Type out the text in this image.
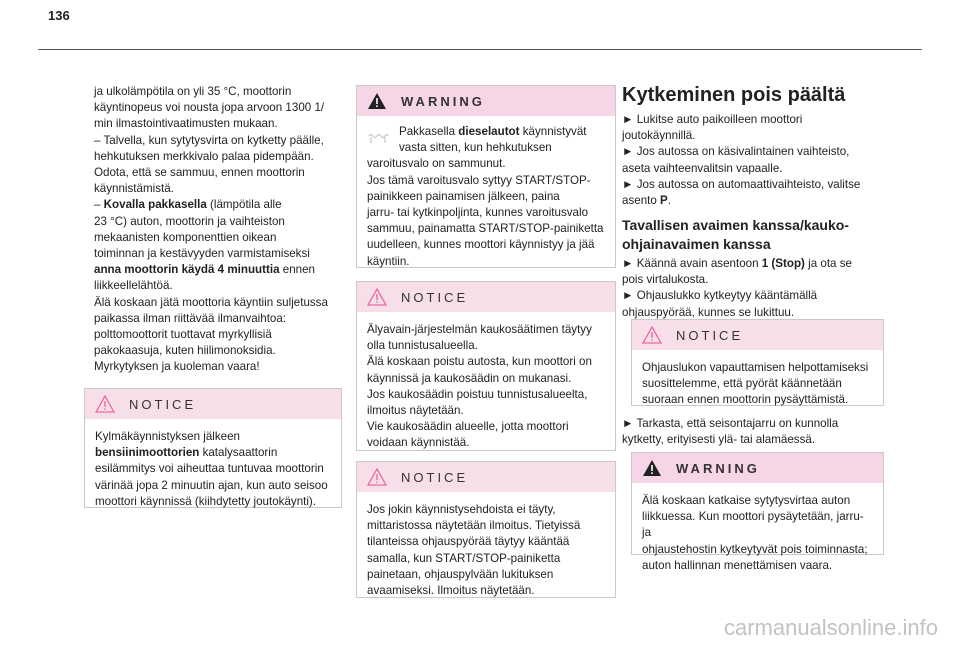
136

ja ulkolämpötila on yli 35 °C, moottorin

käyntinopeus voi nousta jopa arvoon 1300 1/

min ilmastointivaatimusten mukaan.

– Talvella, kun sytytysvirta on kytketty päälle,

hehkutuksen merkkivalo palaa pidempään.

Odota, että se sammuu, ennen moottorin

käynnistämistä.

– Kovalla pakkasella (lämpötila alle

23 °C) auton, moottorin ja vaihteiston

mekaanisten komponenttien oikean

toiminnan ja kestävyyden varmistamiseksi

anna moottorin käydä 4 minuuttia ennen

liikkeellelähtöä.

Älä koskaan jätä moottoria käyntiin suljetussa

paikassa ilman riittävää ilmanvaihtoa:

polttomoottorit tuottavat myrkyllisiä

pakokaasuja, kuten hiilimonoksidia.

Myrkytyksen ja kuoleman vaara!

NOTICE
Kylmäkäynnistyksen jälkeen
bensiinimoottorien katalysaattorin
esilämmitys voi aiheuttaa tuntuvaa moottorin
värinää jopa 2 minuutin ajan, kun auto seisoo
moottori käynnissä (kiihdytetty joutokäynti).
WARNING
Pakkasella dieselautot käynnistyvät
vasta sitten, kun hehkutuksen
varoitusvalo on sammunut.
Jos tämä varoitusvalo syttyy START/STOP-
painikkeen painamisen jälkeen, paina
jarru- tai kytkinpoljinta, kunnes varoitusvalo
sammuu, painamatta START/STOP-painiketta
uudelleen, kunnes moottori käynnistyy ja jää
käyntiin.
NOTICE
Älyavain-järjestelmän kaukosäätimen täytyy
olla tunnistusalueella.
Älä koskaan poistu autosta, kun moottori on
käynnissä ja kaukosäädin on mukanasi.
Jos kaukosäädin poistuu tunnistusalueelta,
ilmoitus näytetään.
Vie kaukosäädin alueelle, jotta moottori
voidaan käynnistää.
NOTICE
Jos jokin käynnistysehdoista ei täyty,
mittaristossa näytetään ilmoitus. Tietyissä
tilanteissa ohjauspyörää täytyy kääntää
samalla, kun START/STOP-painiketta
painetaan, ohjauspylvään lukituksen
avaamiseksi. Ilmoitus näytetään.
Kytkeminen pois päältä

► Lukitse auto paikoilleen moottori

joutokäynnillä.

► Jos autossa on käsivalintainen vaihteisto,

aseta vaihteenvalitsin vapaalle.

► Jos autossa on automaattivaihteisto, valitse

asento P.

Tavallisen avaimen kanssa/kauko-
ohjainavaimen kanssa

► Käännä avain asentoon 1 (Stop) ja ota se

pois virtalukosta.

► Ohjauslukko kytkeytyy kääntämällä

ohjauspyörää, kunnes se lukittuu.

NOTICE
Ohjauslukon vapauttamisen helpottamiseksi
suosittelemme, että pyörät käännetään
suoraan ennen moottorin pysäyttämistä.

► Tarkasta, että seisontajarru on kunnolla

kytketty, erityisesti ylä- tai alamäessä.

WARNING
Älä koskaan katkaise sytytysvirtaa auton
liikkuessa. Kun moottori pysäytetään, jarru- ja
ohjaustehostin kytkeytyvät pois toiminnasta;
auton hallinnan menettämisen vaara.
carmanualsonline.info
